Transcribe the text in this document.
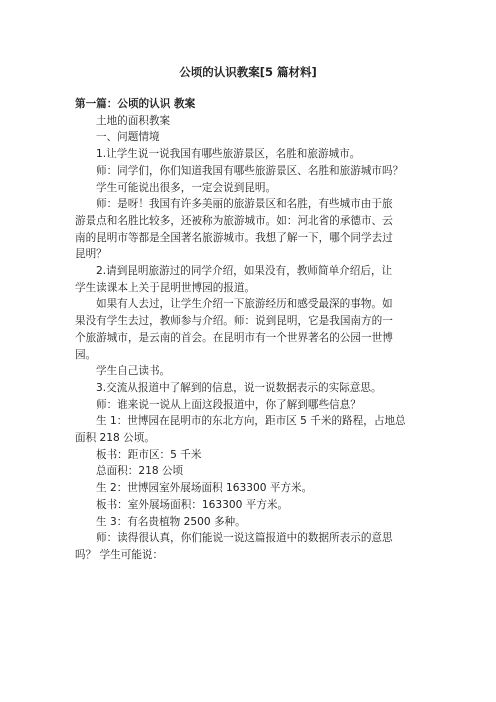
公顷的认识教案[5 篇材料]

第一篇：公顷的认识 教案

土地的面积教案

一、问题情境

1.让学生说一说我国有哪些旅游景区，名胜和旅游城市。

师：同学们，你们知道我国有哪些旅游景区、名胜和旅游城市吗？

学生可能说出很多，一定会说到昆明。

师：是呀！我国有许多美丽的旅游景区和名胜，有些城市由于旅

游景点和名胜比较多，还被称为旅游城市。如：河北省的承德市、云

南的昆明市等都是全国著名旅游城市。我想了解一下，哪个同学去过

昆明？

2.请到昆明旅游过的同学介绍，如果没有，教师简单介绍后，让

学生读课本上关于昆明世博园的报道。

如果有人去过，让学生介绍一下旅游经历和感受最深的事物。如

果没有学生去过，教师参与介绍。师：说到昆明，它是我国南方的一

个旅游城市，是云南的首会。在昆明市有一个世界著名的公园一世博

园。

学生自己读书。

3.交流从报道中了解到的信息，说一说数据表示的实际意思。

师：谁来说一说从上面这段报道中，你了解到哪些信息？

生 1：世博园在昆明市的东北方向，距市区 5 千米的路程，占地总

面积 218 公顷。

板书：距市区：5 千米

总面积：218 公顷

生 2：世博园室外展场面积 163300 平方米。

板书：室外展场面积：163300 平方米。

生 3：有名贵植物 2500 多种。

师：读得很认真，你们能说一说这篇报道中的数据所表示的意思

吗？ 学生可能说：
